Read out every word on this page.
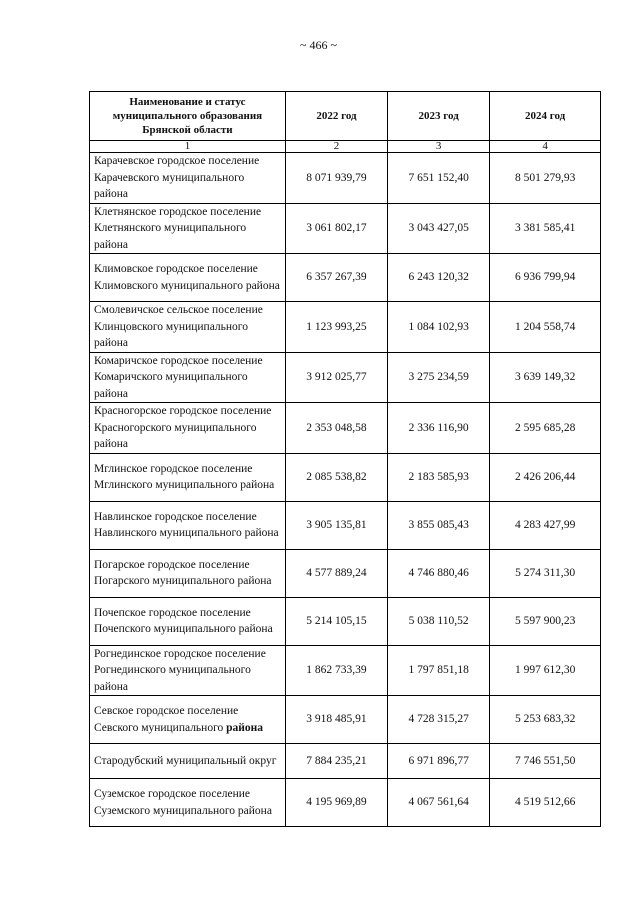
~ 466 ~
Наименование и статус муниципального образования Брянской области	2022 год	2023 год	2024 год
1	2	3	4
Карачевское городское поселение Карачевского муниципального района	8 071 939,79	7 651 152,40	8 501 279,93
Клетнянское городское поселение Клетнянского муниципального района	3 061 802,17	3 043 427,05	3 381 585,41
Климовское городское поселение Климовского муниципального района	6 357 267,39	6 243 120,32	6 936 799,94
Смолевичское сельское поселение Клинцовского муниципального района	1 123 993,25	1 084 102,93	1 204 558,74
Комаричское городское поселение Комаричского муниципального района	3 912 025,77	3 275 234,59	3 639 149,32
Красногорское городское поселение Красногорского муниципального района	2 353 048,58	2 336 116,90	2 595 685,28
Мглинское городское поселение Мглинского муниципального района	2 085 538,82	2 183 585,93	2 426 206,44
Навлинское городское поселение Навлинского муниципального района	3 905 135,81	3 855 085,43	4 283 427,99
Погарское городское поселение Погарского муниципального района	4 577 889,24	4 746 880,46	5 274 311,30
Почепское городское поселение Почепского муниципального района	5 214 105,15	5 038 110,52	5 597 900,23
Рогнединское городское поселение Рогнединского муниципального района	1 862 733,39	1 797 851,18	1 997 612,30
Севское городское поселение Севского муниципального района	3 918 485,91	4 728 315,27	5 253 683,32
Стародубский муниципальный округ	7 884 235,21	6 971 896,77	7 746 551,50
Суземское городское поселение Суземского муниципального района	4 195 969,89	4 067 561,64	4 519 512,66
